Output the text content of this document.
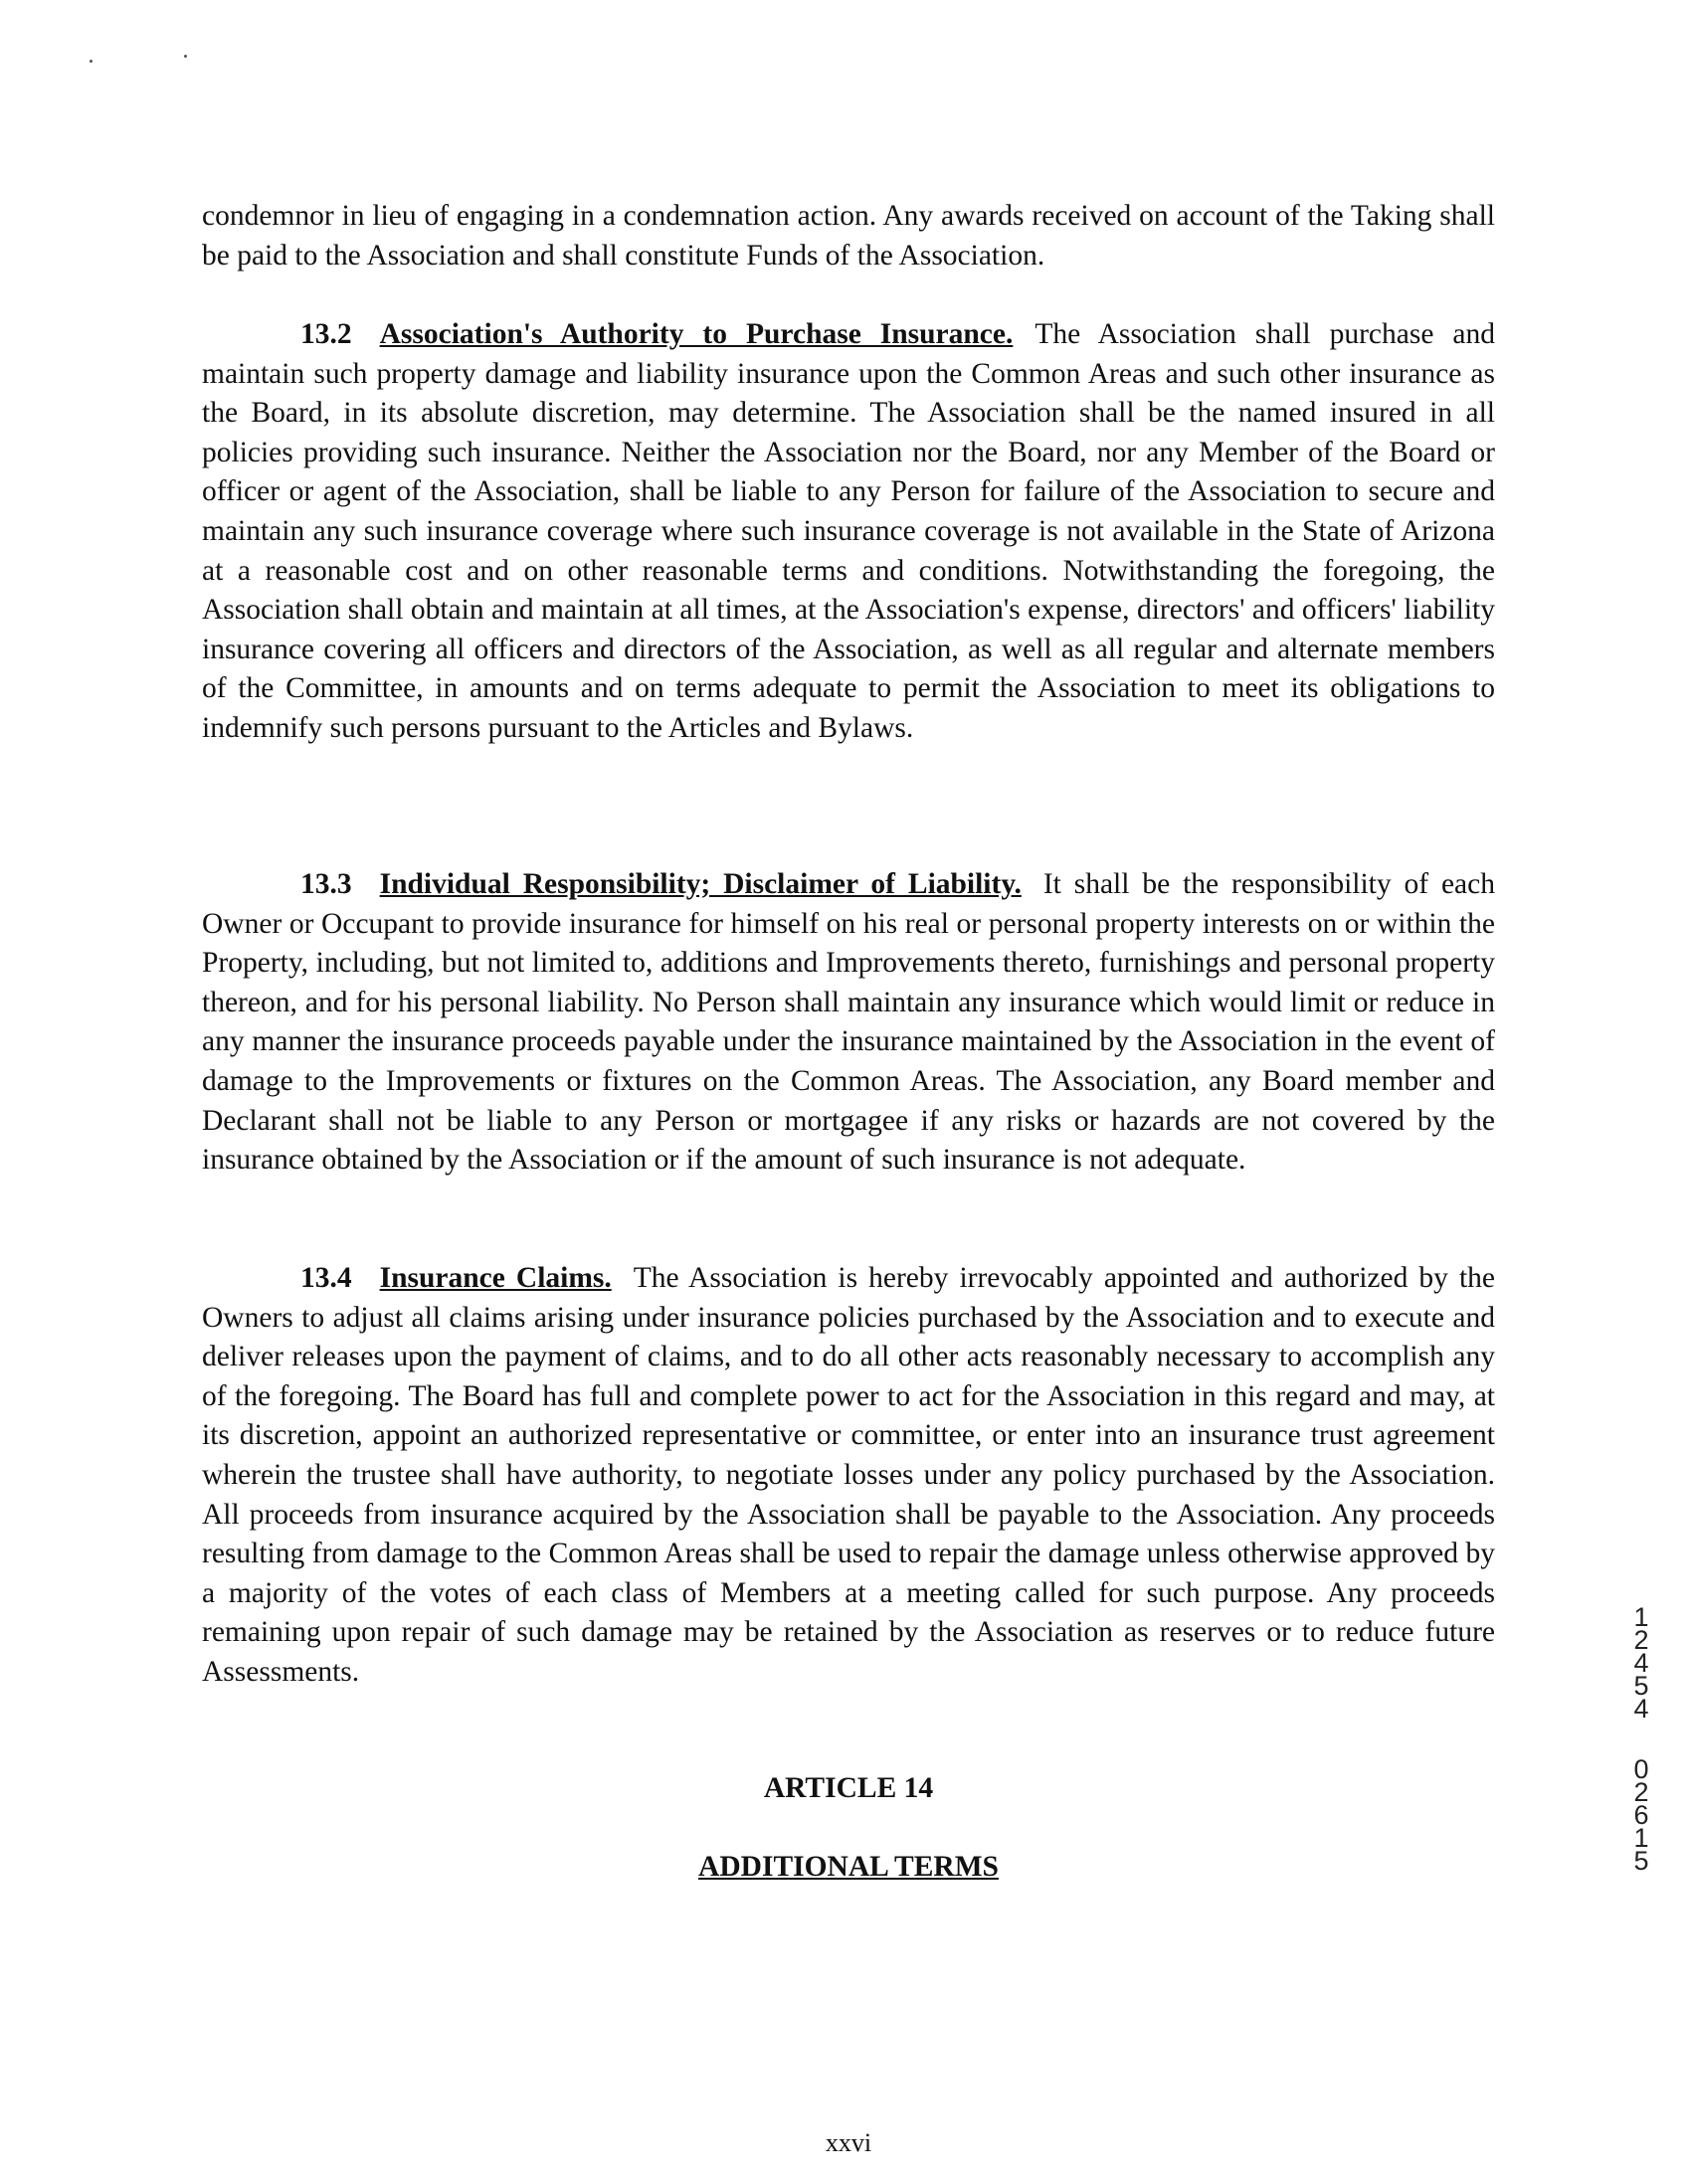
condemnor in lieu of engaging in a condemnation action. Any awards received on account of the Taking shall be paid to the Association and shall constitute Funds of the Association.

13.2 Association's Authority to Purchase Insurance. The Association shall purchase and maintain such property damage and liability insurance upon the Common Areas and such other insurance as the Board, in its absolute discretion, may determine. The Association shall be the named insured in all policies providing such insurance. Neither the Association nor the Board, nor any Member of the Board or officer or agent of the Association, shall be liable to any Person for failure of the Association to secure and maintain any such insurance coverage where such insurance coverage is not available in the State of Arizona at a reasonable cost and on other reasonable terms and conditions. Notwithstanding the foregoing, the Association shall obtain and maintain at all times, at the Association's expense, directors' and officers' liability insurance covering all officers and directors of the Association, as well as all regular and alternate members of the Committee, in amounts and on terms adequate to permit the Association to meet its obligations to indemnify such persons pursuant to the Articles and Bylaws.

13.3 Individual Responsibility; Disclaimer of Liability. It shall be the responsibility of each Owner or Occupant to provide insurance for himself on his real or personal property interests on or within the Property, including, but not limited to, additions and Improvements thereto, furnishings and personal property thereon, and for his personal liability. No Person shall maintain any insurance which would limit or reduce in any manner the insurance proceeds payable under the insurance maintained by the Association in the event of damage to the Improvements or fixtures on the Common Areas. The Association, any Board member and Declarant shall not be liable to any Person or mortgagee if any risks or hazards are not covered by the insurance obtained by the Association or if the amount of such insurance is not adequate.

13.4 Insurance Claims. The Association is hereby irrevocably appointed and authorized by the Owners to adjust all claims arising under insurance policies purchased by the Association and to execute and deliver releases upon the payment of claims, and to do all other acts reasonably necessary to accomplish any of the foregoing. The Board has full and complete power to act for the Association in this regard and may, at its discretion, appoint an authorized representative or committee, or enter into an insurance trust agreement wherein the trustee shall have authority, to negotiate losses under any policy purchased by the Association. All proceeds from insurance acquired by the Association shall be payable to the Association. Any proceeds resulting from damage to the Common Areas shall be used to repair the damage unless otherwise approved by a majority of the votes of each class of Members at a meeting called for such purpose. Any proceeds remaining upon repair of such damage may be retained by the Association as reserves or to reduce future Assessments.

ARTICLE 14
ADDITIONAL TERMS
xxvi
1
2
4
5
4
0
2
6
1
5
